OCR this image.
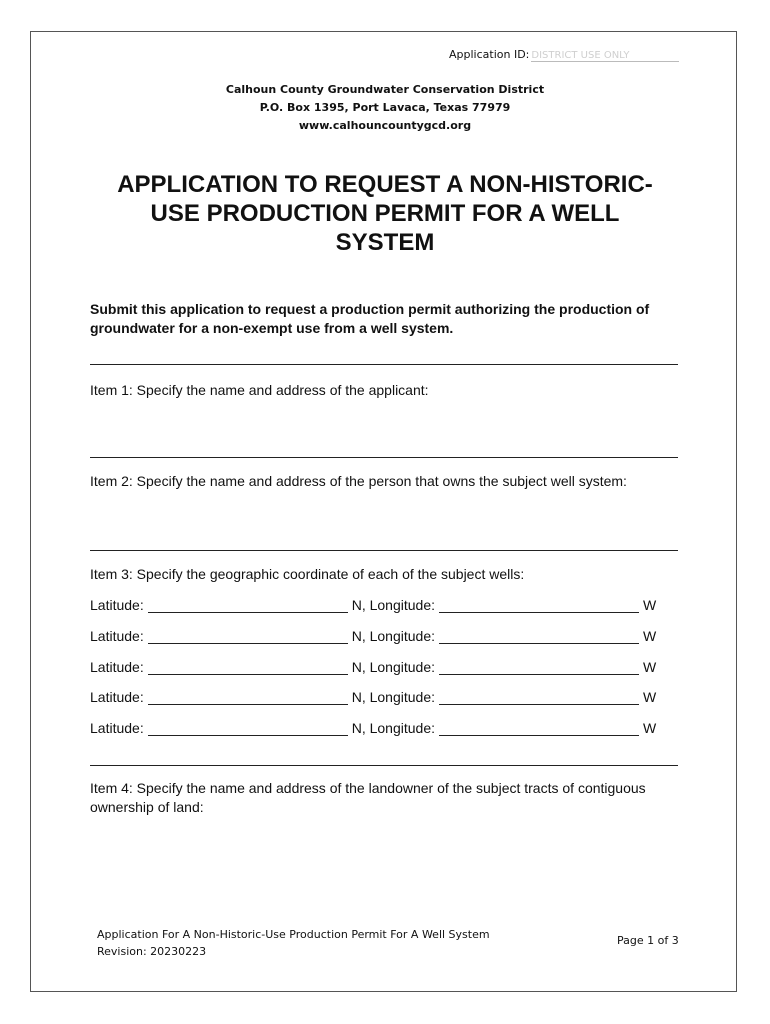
Application ID: DISTRICT USE ONLY
Calhoun County Groundwater Conservation District
P.O. Box 1395, Port Lavaca, Texas 77979
www.calhouncountygcd.org
APPLICATION TO REQUEST A NON-HISTORIC-
USE PRODUCTION PERMIT FOR A WELL
SYSTEM
Submit this application to request a production permit authorizing the production of groundwater for a non-exempt use from a well system.
Item 1: Specify the name and address of the applicant:
Item 2: Specify the name and address of the person that owns the subject well system:
Item 3: Specify the geographic coordinate of each of the subject wells:
Latitude:	N, Longitude:	W
Latitude:	N, Longitude:	W
Latitude:	N, Longitude:	W
Latitude:	N, Longitude:	W
Latitude:	N, Longitude:	W
Item 4: Specify the name and address of the landowner of the subject tracts of contiguous ownership of land:
Application For A Non-Historic-Use Production Permit For A Well System
Revision: 20230223
Page 1 of 3
